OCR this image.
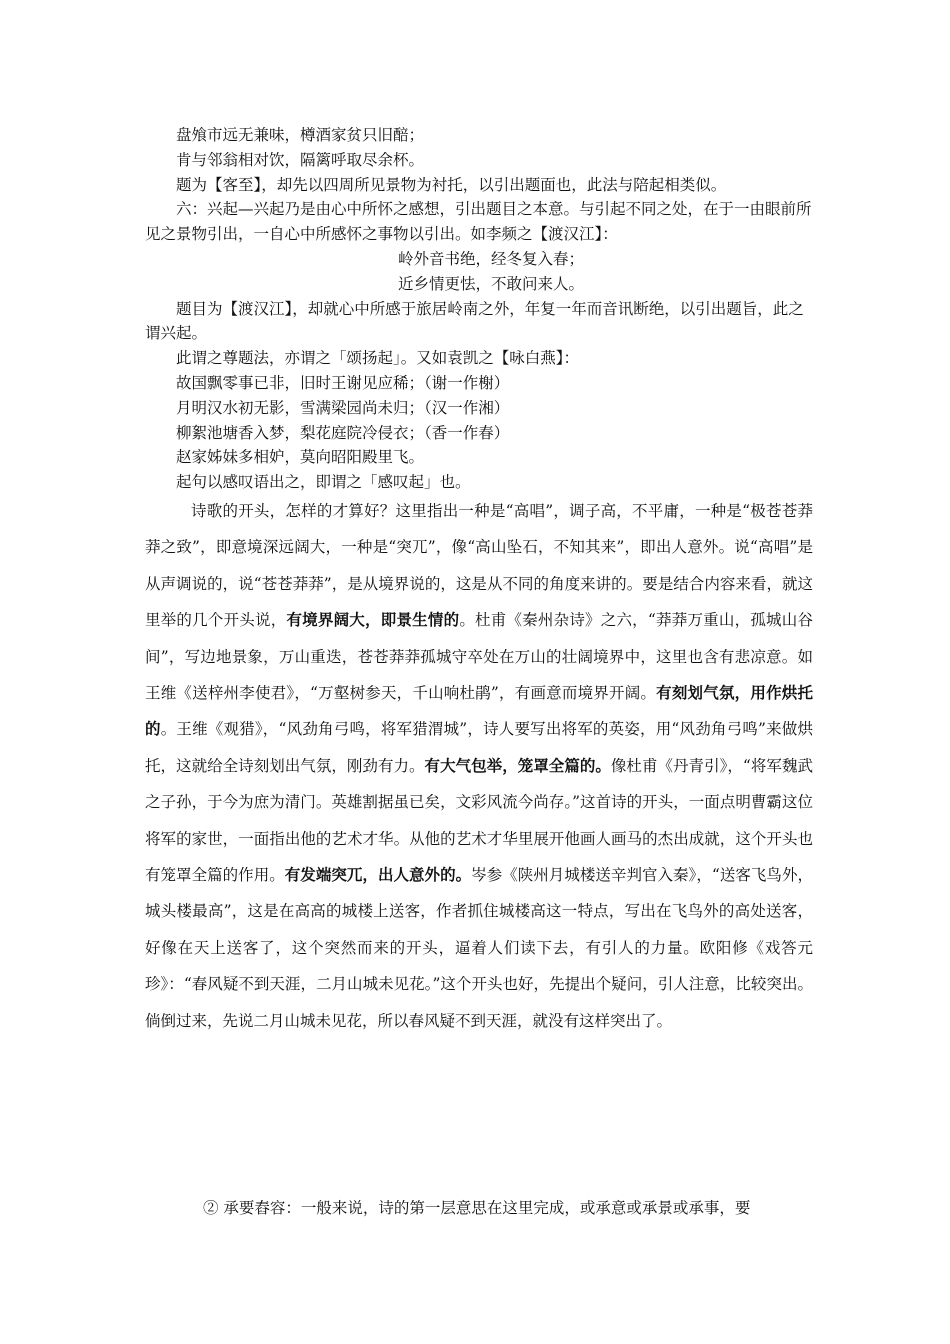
盘飧市远无兼味，樽酒家贫只旧醅；

肯与邻翁相对饮，隔篱呼取尽余杯。

题为【客至】，却先以四周所见景物为衬托，以引出题面也，此法与陪起相类似。

六：兴起—兴起乃是由心中所怀之感想，引出题目之本意。与引起不同之处，在于一由眼前所见之景物引出，一自心中所感怀之事物以引出。如李频之【渡汉江】：

岭外音书绝，经冬复入春；

近乡情更怯，不敢问来人。

题目为【渡汉江】，却就心中所感于旅居岭南之外，年复一年而音讯断绝，以引出题旨，此之谓兴起。

此谓之尊题法，亦谓之「颂扬起」。又如袁凯之【咏白燕】：

故国飘零事已非，旧时王谢见应稀；（谢一作榭）

月明汉水初无影，雪满梁园尚未归；（汉一作湘）

柳絮池塘香入梦，梨花庭院冷侵衣；（香一作春）

赵家姊妹多相妒，莫向昭阳殿里飞。

起句以感叹语出之，即谓之「感叹起」也。

诗歌的开头，怎样的才算好？这里指出一种是“高唱”，调子高，不平庸，一种是“极苍苍莽莽之致”，即意境深远阔大，一种是“突兀”，像“高山坠石，不知其来”，即出人意外。说“高唱”是从声调说的，说“苍苍莽莽”，是从境界说的，这是从不同的角度来讲的。要是结合内容来看，就这里举的几个开头说，有境界阔大，即景生情的。杜甫《秦州杂诗》之六，“莽莽万重山，孤城山谷间”，写边地景象，万山重迭，苍苍莽莽孤城守卒处在万山的壮阔境界中，这里也含有悲凉意。如王维《送梓州李使君》，“万壑树参天，千山响杜鹃”，有画意而境界开阔。有刻划气氛，用作烘托的。王维《观猎》，“风劲角弓鸣，将军猎渭城”，诗人要写出将军的英姿，用“风劲角弓鸣”来做烘托，这就给全诗刻划出气氛，刚劲有力。有大气包举，笼罩全篇的。像杜甫《丹青引》，“将军魏武之子孙，于今为庶为清门。英雄割据虽已矣，文彩风流今尚存。”这首诗的开头，一面点明曹霸这位将军的家世，一面指出他的艺术才华。从他的艺术才华里展开他画人画马的杰出成就，这个开头也有笼罩全篇的作用。有发端突兀，出人意外的。岑参《陕州月城楼送辛判官入秦》，“送客飞鸟外，城头楼最高”，这是在高高的城楼上送客，作者抓住城楼高这一特点，写出在飞鸟外的高处送客，好像在天上送客了，这个突然而来的开头，逼着人们读下去，有引人的力量。欧阳修《戏答元珍》：“春风疑不到天涯，二月山城未见花。”这个开头也好，先提出个疑问，引人注意，比较突出。倘倒过来，先说二月山城未见花，所以春风疑不到天涯，就没有这样突出了。

② 承要舂容：一般来说，诗的第一层意思在这里完成，或承意或承景或承事，要
